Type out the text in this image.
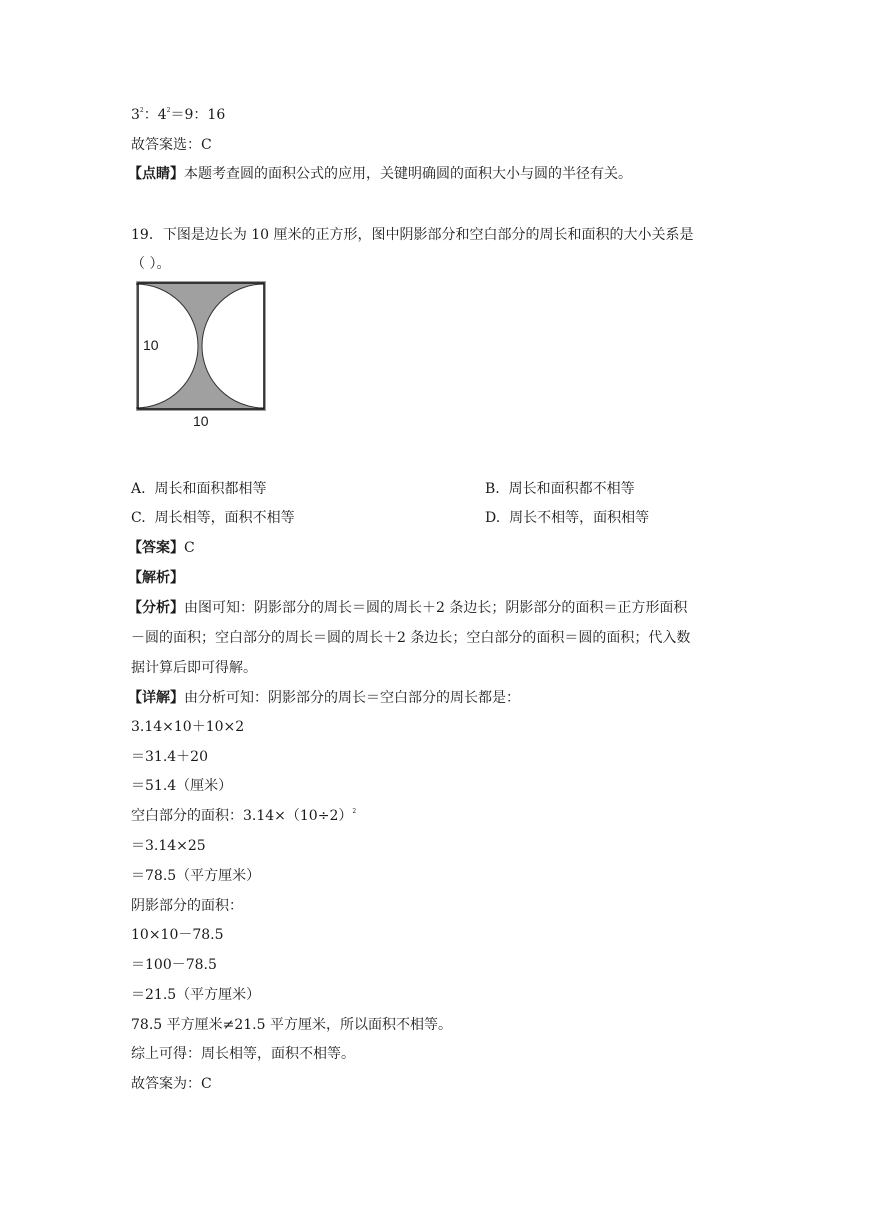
$3^2$：$4^2=9$：16
故答案选：C
【点睛】本题考查圆的面积公式的应用，关键明确圆的面积大小与圆的半径有关。
19．下图是边长为 10 厘米的正方形，图中阴影部分和空白部分的周长和面积的大小关系是
（ ）。
10
10
A. 周长和面积都相等	B. 周长和面积都不相等
C. 周长相等，面积不相等	D. 周长不相等，面积相等
【答案】C
【解析】
【分析】由图可知：阴影部分的周长＝圆的周长＋2 条边长；阴影部分的面积＝正方形面积
－圆的面积；空白部分的周长＝圆的周长＋2 条边长；空白部分的面积＝圆的面积；代入数
据计算后即可得解。
【详解】由分析可知：阴影部分的周长＝空白部分的周长都是：
3.14×10＋10×2
＝31.4＋20
＝51.4（厘米）
空白部分的面积：$3.14\times(10\div 2)^2$
＝3.14×25
＝78.5（平方厘米）
阴影部分的面积：
10×10－78.5
＝100－78.5
＝21.5（平方厘米）
78.5 平方厘米≠21.5 平方厘米，所以面积不相等。
综上可得：周长相等，面积不相等。
故答案为：C
